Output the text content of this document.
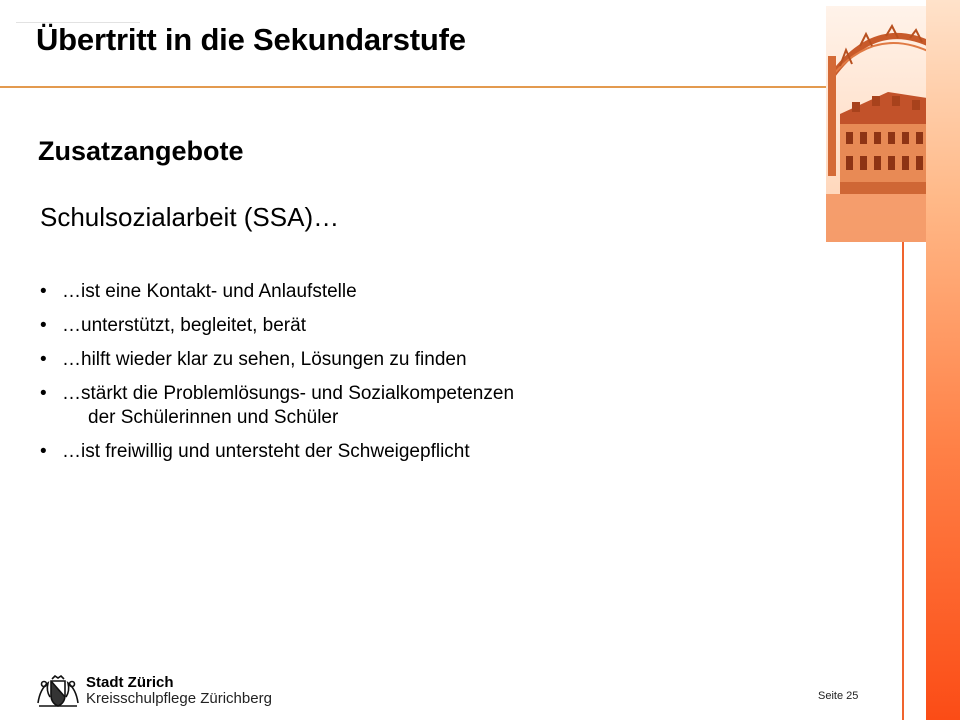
Übertritt in die Sekundarstufe
Zusatzangebote
Schulsozialarbeit (SSA)…
• …ist eine Kontakt- und Anlaufstelle
• …unterstützt, begleitet, berät
• …hilft wieder klar zu sehen, Lösungen zu finden
• …stärkt die Problemlösungs- und Sozialkompetenzen
der Schülerinnen und Schüler
• …ist freiwillig und untersteht der Schweigepflicht
Stadt Zürich
Kreisschulpflege Zürichberg	Seite 25
